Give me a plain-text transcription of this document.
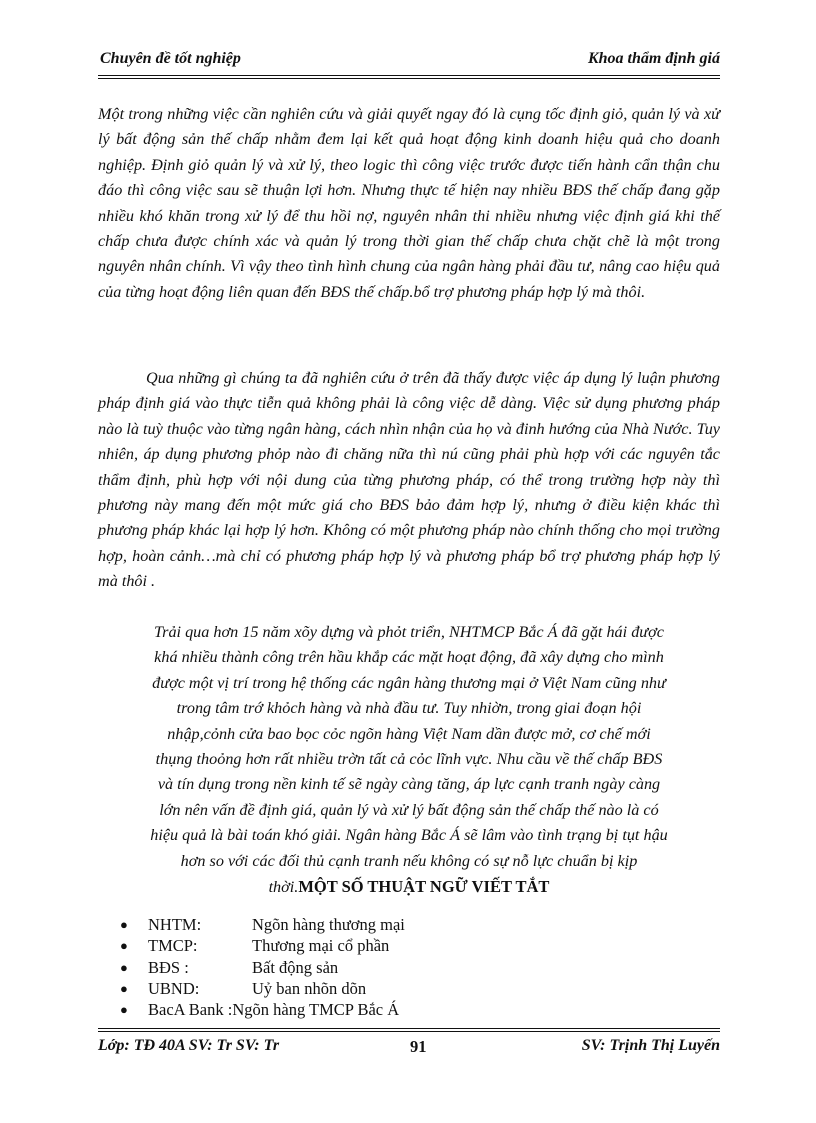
Chuyên đề tốt nghiệp	Khoa thẩm định giá
Một trong những việc cần nghiên cứu và giải quyết ngay đó là cụng tốc định giỏ, quản lý và xử lý bất động sản thế chấp nhằm đem lại kết quả hoạt động kinh doanh hiệu quả cho doanh nghiệp. Định giỏ quản lý và xử lý, theo logic thì công việc trước được tiến hành cẩn thận chu đáo thì công việc sau sẽ thuận lợi hơn. Nhưng thực tế hiện nay nhiều BĐS thế chấp đang gặp nhiều khó khăn trong xử lý để thu hồi nợ, nguyên nhân thi nhiều nhưng việc định giá khi thế chấp chưa được chính xác và quản lý trong thời gian thế chấp chưa chặt chẽ là một trong nguyên nhân chính. Vì vậy theo tình hình chung của ngân hàng phải đầu tư, nâng cao hiệu quả của từng hoạt động liên quan đến BĐS thế chấp.bổ trợ phương pháp hợp lý mà thôi.
Qua những gì chúng ta đã nghiên cứu ở trên đã thấy được việc áp dụng lý luận phương pháp định giá vào thực tiễn quả không phải là công việc dễ dàng. Việc sử dụng phương pháp nào là tuỳ thuộc vào từng ngân hàng, cách nhìn nhận của họ và đinh hướng của Nhà Nước. Tuy nhiên, áp dụng phương phỏp nào đi chăng nữa thì nú cũng phải phù hợp với các nguyên tắc thẩm định, phù hợp với nội dung của từng phương pháp, có thể trong trường hợp này thì phương này mang đến một mức giá cho BĐS bảo đảm hợp lý, nhưng ở điều kiện khác thì phương pháp khác lại hợp lý hơn. Không có một phương pháp nào chính thống cho mọi trường hợp, hoàn cảnh…mà chỉ có phương pháp hợp lý và phương pháp bổ trợ phương pháp hợp lý mà thôi .
Trải qua hơn 15 năm xõy dựng và phỏt triển, NHTMCP Bắc Á đã gặt hái được
khá nhiều thành công trên hầu khắp các mặt hoạt động, đã xây dựng cho mình
được một vị trí trong hệ thống các ngân hàng thương mại ở Việt Nam cũng như
trong tâm trớ khỏch hàng và nhà đầu tư. Tuy nhiờn, trong giai đoạn hội
nhập,cỏnh cửa bao bọc cỏc ngõn hàng Việt Nam dần được mở, cơ chế mới
thụng thoỏng hơn rất nhiều trờn tất cả cỏc lĩnh vực. Nhu cầu về thế chấp BĐS
và tín dụng trong nền kinh tế sẽ ngày càng tăng, áp lực cạnh tranh ngày càng
lớn nên vấn đề định giá, quản lý và xử lý bất động sản thế chấp thế nào là có
hiệu quả là bài toán khó giải. Ngân hàng Bắc Á sẽ lâm vào tình trạng bị tụt hậu
hơn so với các đối thủ cạnh tranh nếu không có sự nỗ lực chuẩn bị kịp
thời.MỘT SỐ THUẬT NGỮ VIẾT TẮT
● NHTM:	Ngõn hàng thương mại
● TMCP:	Thương mại cổ phần
● BĐS :	Bất động sản
● UBND:	Uỷ ban nhõn dõn
● BacA Bank :Ngõn hàng TMCP Bắc Á
Lớp: TĐ 40A SV: Tr SV: Tr	91	SV: Trịnh Thị Luyến
